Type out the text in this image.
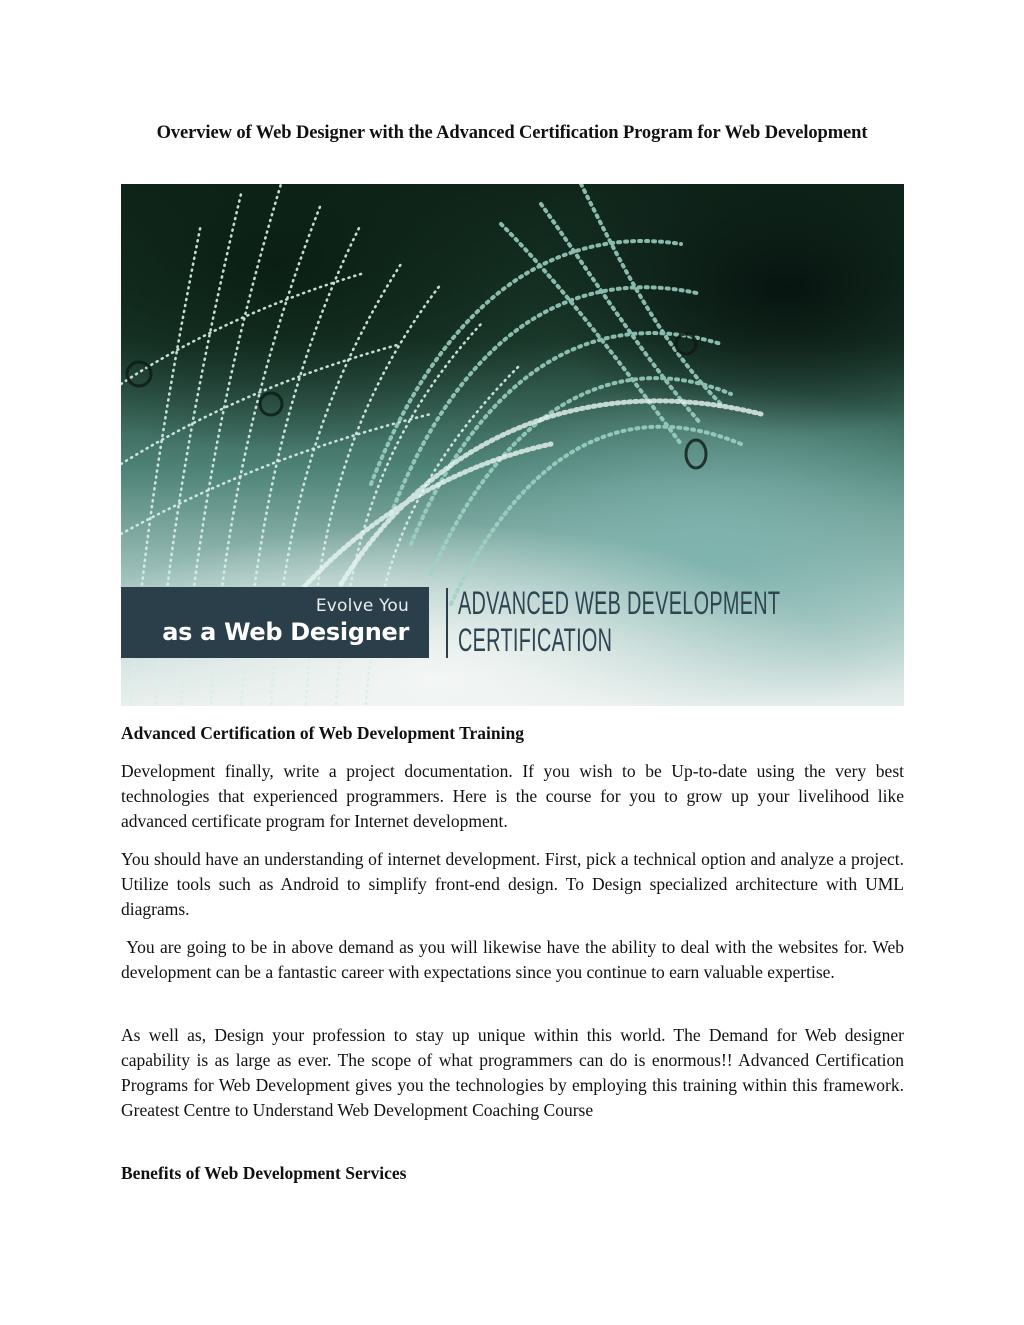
Overview of Web Designer with the Advanced Certification Program for Web Development
Evolve You
as a Web Designer
ADVANCED WEB DEVELOPMENT
CERTIFICATION
Advanced Certification of Web Development Training
Development finally, write a project documentation. If you wish to be Up-to-date using the very best technologies that experienced programmers. Here is the course for you to grow up your livelihood like advanced certificate program for Internet development.
You should have an understanding of internet development. First, pick a technical option and analyze a project. Utilize tools such as Android to simplify front-end design. To Design specialized architecture with UML diagrams.
You are going to be in above demand as you will likewise have the ability to deal with the websites for. Web development can be a fantastic career with expectations since you continue to earn valuable expertise.
As well as, Design your profession to stay up unique within this world. The Demand for Web designer capability is as large as ever. The scope of what programmers can do is enormous!! Advanced Certification Programs for Web Development gives you the technologies by employing this training within this framework. Greatest Centre to Understand Web Development Coaching Course
Benefits of Web Development Services
